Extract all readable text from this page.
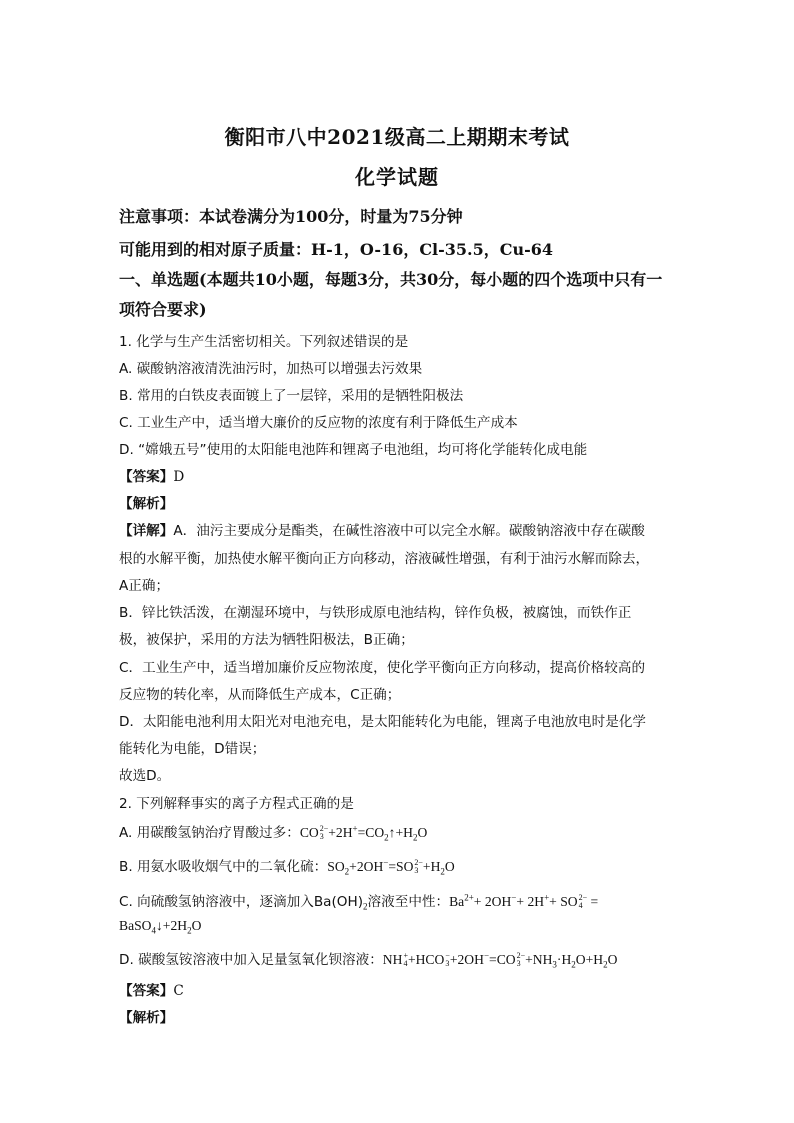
衡阳市八中2021级高二上期期末考试
化学试题
注意事项：本试卷满分为100分，时量为75分钟
可能用到的相对原子质量：H-1，O-16，Cl-35.5，Cu-64
一、单选题(本题共10小题，每题3分，共30分，每小题的四个选项中只有一
项符合要求)
1. 化学与生产生活密切相关。下列叙述错误的是
A. 碳酸钠溶液清洗油污时，加热可以增强去污效果
B. 常用的白铁皮表面镀上了一层锌，采用的是牺牲阳极法
C. 工业生产中，适当增大廉价的反应物的浓度有利于降低生产成本
D. “嫦娥五号”使用的太阳能电池阵和锂离子电池组，均可将化学能转化成电能
【答案】D
【解析】
【详解】A．油污主要成分是酯类，在碱性溶液中可以完全水解。碳酸钠溶液中存在碳酸
根的水解平衡，加热使水解平衡向正方向移动，溶液碱性增强，有利于油污水解而除去，
A正确；
B．锌比铁活泼，在潮湿环境中，与铁形成原电池结构，锌作负极，被腐蚀，而铁作正
极，被保护，采用的方法为牺牲阳极法，B正确；
C．工业生产中，适当增加廉价反应物浓度，使化学平衡向正方向移动，提高价格较高的
反应物的转化率，从而降低生产成本，C正确；
D．太阳能电池利用太阳光对电池充电，是太阳能转化为电能，锂离子电池放电时是化学
能转化为电能，D错误；
故选D。
2. 下列解释事实的离子方程式正确的是
A. 用碳酸氢钠治疗胃酸过多：CO 2−
$3 +2H^+=CO_2↑+H_2O$
B. 用氨水吸收烟气中的二氧化硫：$SO_2+2OH^-=SO$ 2−
$3 +H_2O$
C. 向硫酸氢钠溶液中，逐滴加入$Ba(OH)_2$溶液至中性：$Ba^{2+}+ 2OH^-+ 2H^++$ SO 2−
4 =
$BaSO_4↓+2H_2O$
D. 碳酸氢铵溶液中加入足量氢氧化钡溶液：NH +
4 +HCO −
3 +2OH−=CO 2−
$3 +NH_3\cdot H_2O+H_2O$
【答案】C
【解析】
